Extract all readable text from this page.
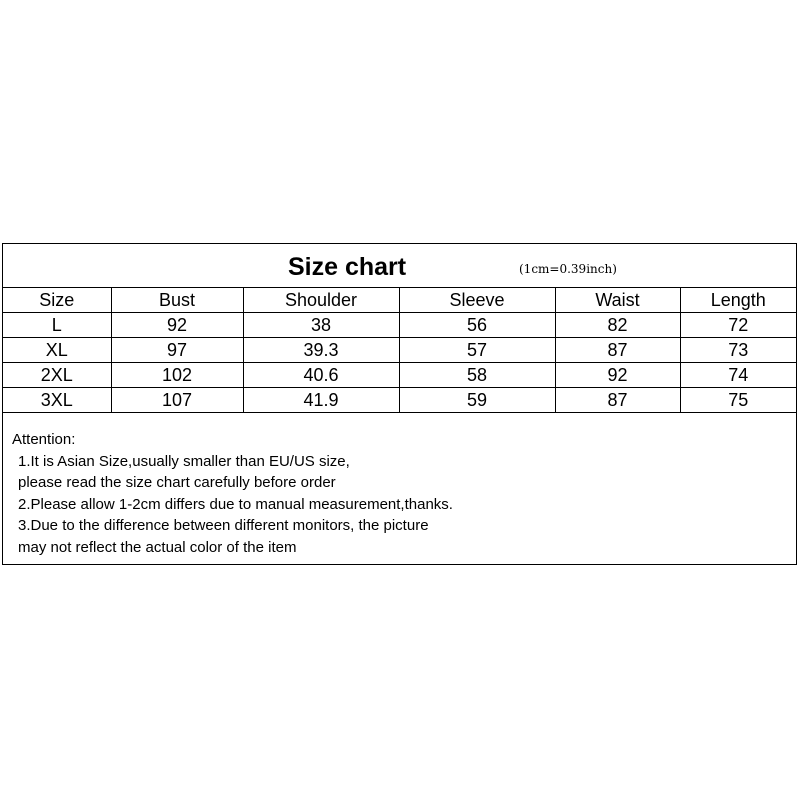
Size chart	(1cm=0.39inch)
Size	Bust	Shoulder	Sleeve	Waist	Length
L	92	38	56	82	72
XL	97	39.3	57	87	73
2XL	102	40.6	58	92	74
3XL	107	41.9	59	87	75
Attention:
1.It is Asian Size,usually smaller than EU/US size,
please read the size chart carefully before order
2.Please allow 1-2cm differs due to manual measurement,thanks.
3.Due to the difference between different monitors, the picture
may not reflect the actual color of the item
